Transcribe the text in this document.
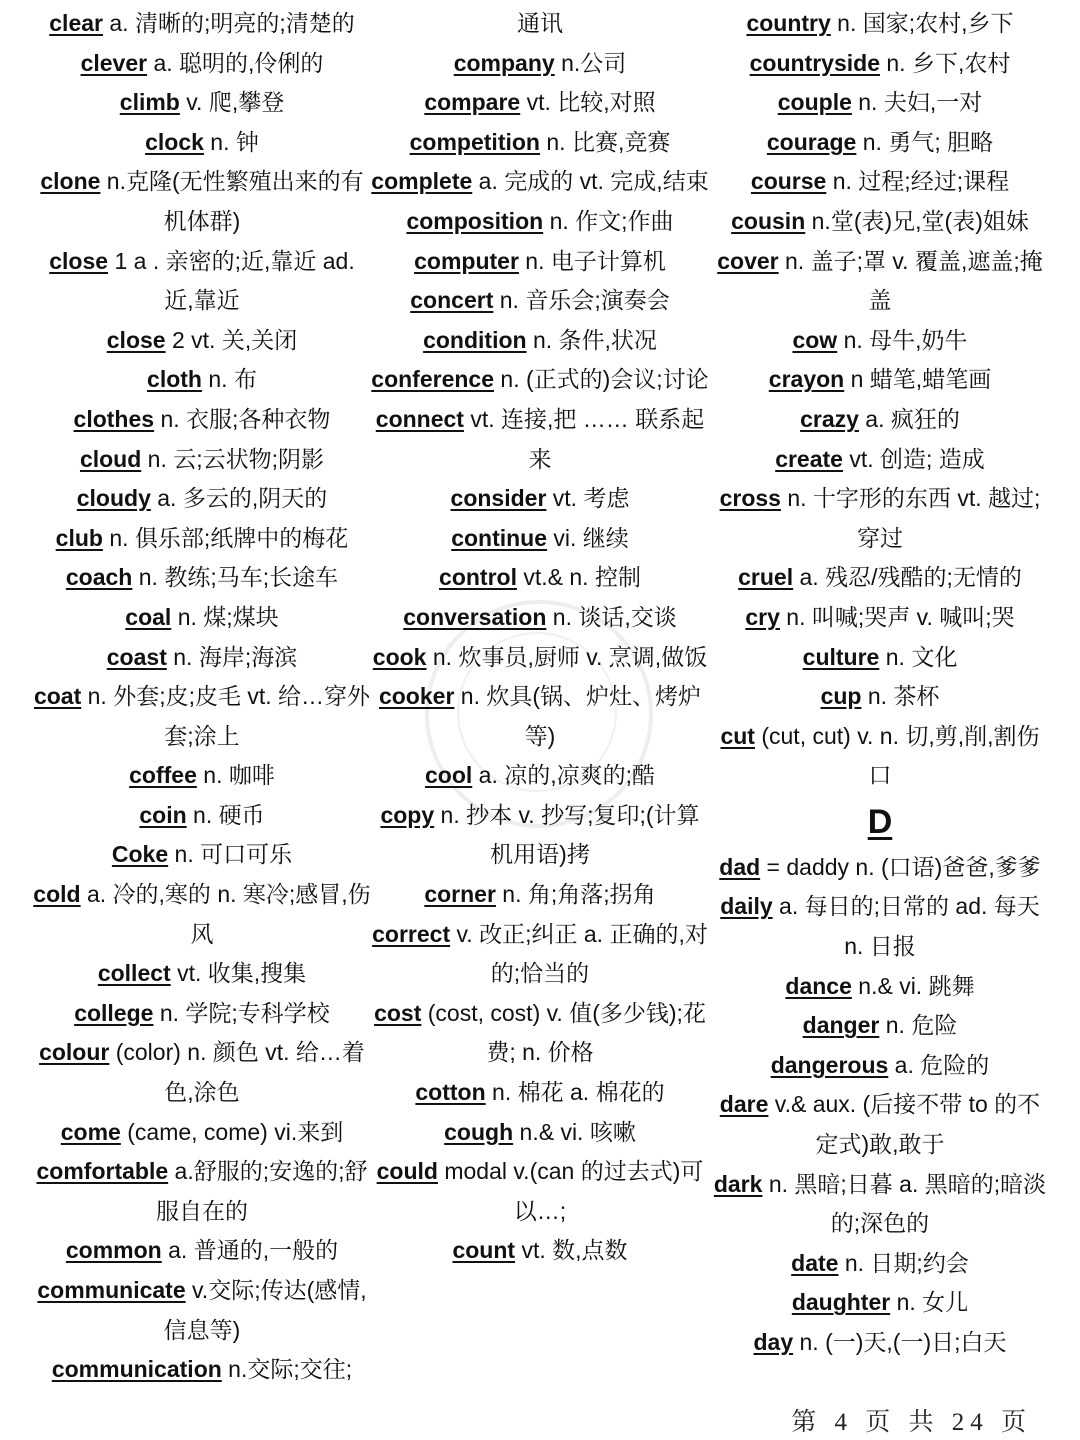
clear a. 清晰的;明亮的;清楚的
clever a. 聪明的,伶俐的
climb v. 爬,攀登
clock n. 钟
clone n.克隆(无性繁殖出来的有机体群)
close 1 a . 亲密的;近,靠近 ad. 近,靠近
close 2 vt. 关,关闭
cloth n. 布
clothes n. 衣服;各种衣物
cloud n. 云;云状物;阴影
cloudy a. 多云的,阴天的
club n. 俱乐部;纸牌中的梅花
coach n. 教练;马车;长途车
coal n. 煤;煤块
coast n. 海岸;海滨
coat n. 外套;皮;皮毛 vt. 给…穿外套;涂上
coffee n. 咖啡
coin n. 硬币
Coke n. 可口可乐
cold a. 冷的,寒的 n. 寒冷;感冒,伤风
collect vt. 收集,搜集
college n. 学院;专科学校
colour (color) n. 颜色 vt. 给…着色,涂色
come (came, come) vi.来到
comfortable a.舒服的;安逸的;舒服自在的
common a. 普通的,一般的
communicate v.交际;传达(感情,信息等)
communication n.交际;交往;
通讯
company n.公司
compare vt. 比较,对照
competition n. 比赛,竞赛
complete a. 完成的 vt. 完成,结束
composition n. 作文;作曲
computer n. 电子计算机
concert n. 音乐会;演奏会
condition n. 条件,状况
conference n. (正式的)会议;讨论
connect vt. 连接,把 …… 联系起来
consider vt. 考虑
continue vi. 继续
control vt.& n. 控制
conversation n. 谈话,交谈
cook n. 炊事员,厨师 v. 烹调,做饭
cooker n. 炊具(锅、炉灶、烤炉等)
cool a. 凉的,凉爽的;酷
copy n. 抄本 v. 抄写;复印;(计算机用语)拷
corner n. 角;角落;拐角
correct v. 改正;纠正 a. 正确的,对的;恰当的
cost (cost, cost) v. 值(多少钱);花费; n. 价格
cotton n. 棉花 a. 棉花的
cough n.& vi. 咳嗽
could modal v.(can 的过去式)可以…;
count vt. 数,点数
country n. 国家;农村,乡下
countryside n. 乡下,农村
couple n. 夫妇,一对
courage n. 勇气; 胆略
course n. 过程;经过;课程
cousin n.堂(表)兄,堂(表)姐妹
cover n. 盖子;罩 v. 覆盖,遮盖;掩盖
cow n. 母牛,奶牛
crayon n 蜡笔,蜡笔画
crazy a. 疯狂的
create vt. 创造; 造成
cross n. 十字形的东西 vt. 越过;穿过
cruel a. 残忍/残酷的;无情的
cry n. 叫喊;哭声 v. 喊叫;哭
culture n. 文化
cup n. 茶杯
cut (cut, cut) v. n. 切,剪,削,割伤口
D
dad = daddy n. (口语)爸爸,爹爹
daily a. 每日的;日常的 ad. 每天 n. 日报
dance n.& vi. 跳舞
danger n. 危险
dangerous a. 危险的
dare v.& aux. (后接不带 to 的不定式)敢,敢于
dark n. 黑暗;日暮 a. 黑暗的;暗淡的;深色的
date n. 日期;约会
daughter n. 女儿
day n. (一)天,(一)日;白天
第 4 页 共 24 页
